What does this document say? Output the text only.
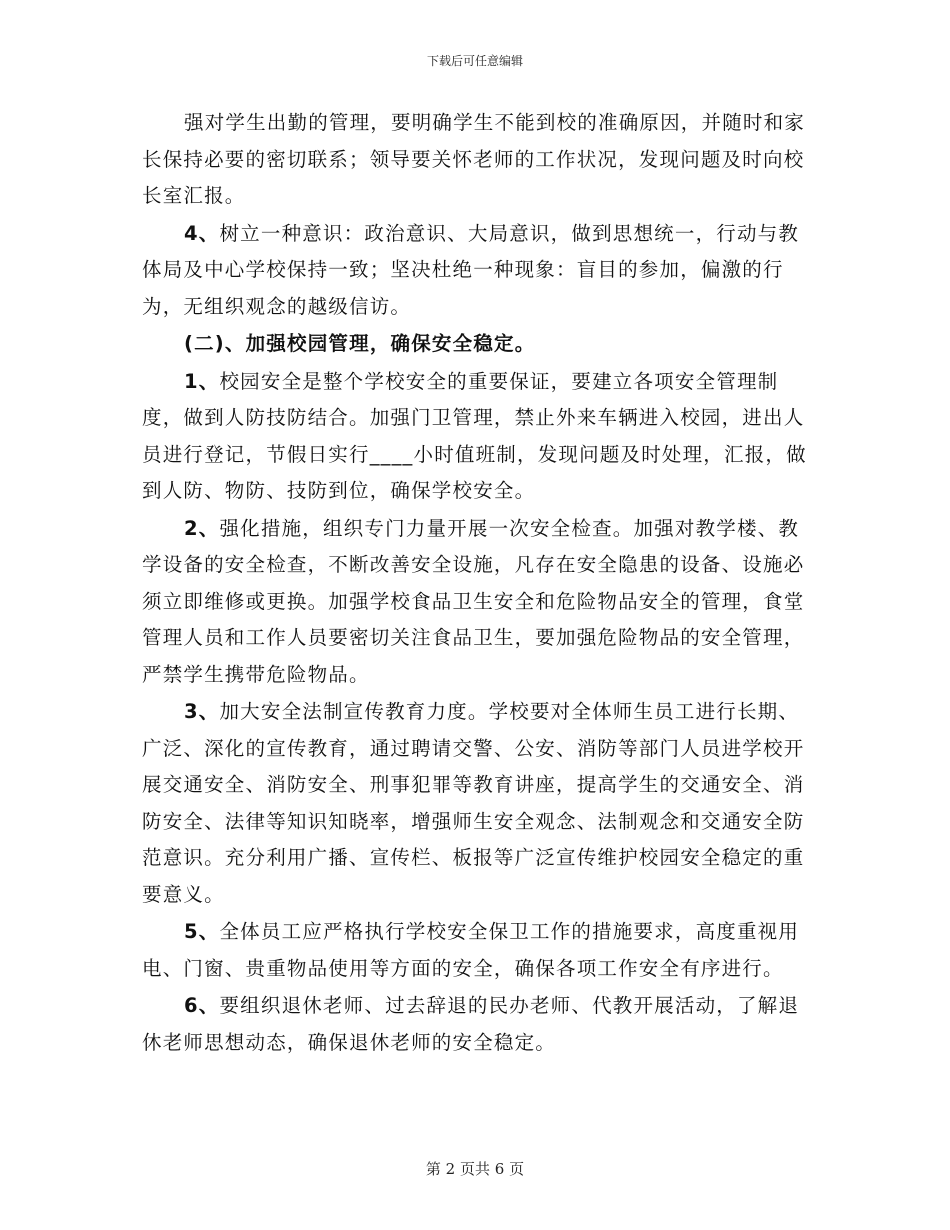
下载后可任意编辑

强对学生出勤的管理，要明确学生不能到校的准确原因，并随时和家长保持必要的密切联系；领导要关怀老师的工作状况，发现问题及时向校长室汇报。

4、树立一种意识：政治意识、大局意识，做到思想统一，行动与教体局及中心学校保持一致；坚决杜绝一种现象：盲目的参加，偏激的行为，无组织观念的越级信访。

(二)、加强校园管理，确保安全稳定。

1、校园安全是整个学校安全的重要保证，要建立各项安全管理制度，做到人防技防结合。加强门卫管理，禁止外来车辆进入校园，进出人员进行登记，节假日实行____小时值班制，发现问题及时处理，汇报，做到人防、物防、技防到位，确保学校安全。

2、强化措施，组织专门力量开展一次安全检查。加强对教学楼、教学设备的安全检查，不断改善安全设施，凡存在安全隐患的设备、设施必须立即维修或更换。加强学校食品卫生安全和危险物品安全的管理，食堂管理人员和工作人员要密切关注食品卫生，要加强危险物品的安全管理，严禁学生携带危险物品。

3、加大安全法制宣传教育力度。学校要对全体师生员工进行长期、广泛、深化的宣传教育，通过聘请交警、公安、消防等部门人员进学校开展交通安全、消防安全、刑事犯罪等教育讲座，提高学生的交通安全、消防安全、法律等知识知晓率，增强师生安全观念、法制观念和交通安全防范意识。充分利用广播、宣传栏、板报等广泛宣传维护校园安全稳定的重要意义。

5、全体员工应严格执行学校安全保卫工作的措施要求，高度重视用电、门窗、贵重物品使用等方面的安全，确保各项工作安全有序进行。

6、要组织退休老师、过去辞退的民办老师、代教开展活动，了解退休老师思想动态，确保退休老师的安全稳定。

第 2 页共 6 页
